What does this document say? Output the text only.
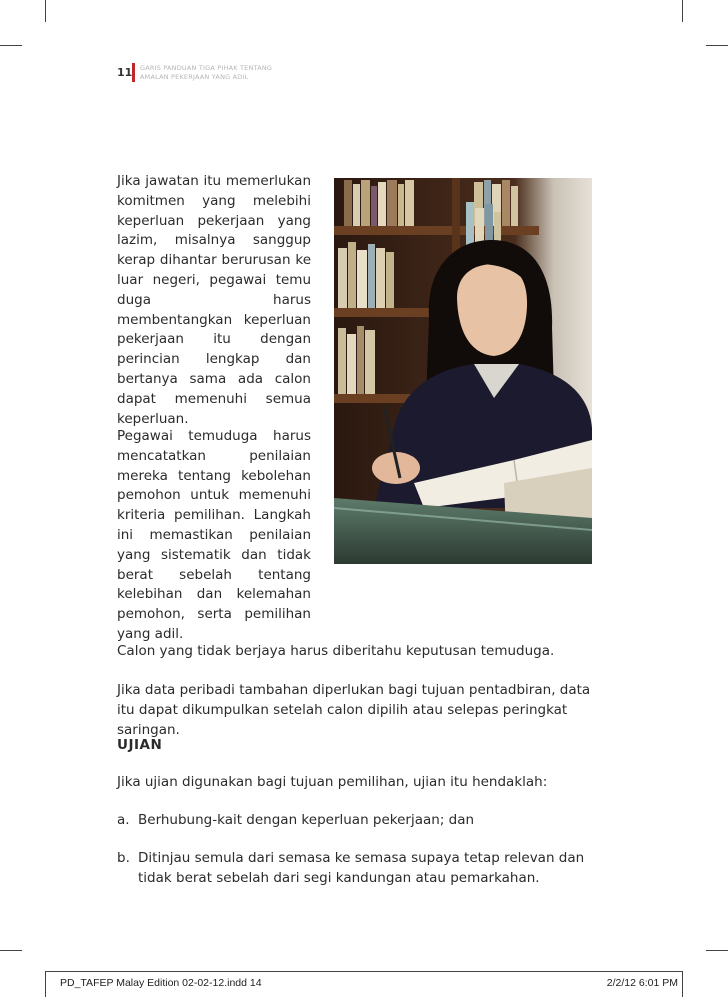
11 GARIS PANDUAN TIGA PIHAK TENTANG
AMALAN PEKERJAAN YANG ADIL

Jika jawatan itu memerlukan komitmen yang melebihi keperluan pekerjaan yang lazim, misalnya sanggup kerap dihantar berurusan ke luar negeri, pegawai temu duga harus membentangkan keperluan pekerjaan itu dengan perincian lengkap dan bertanya sama ada calon dapat memenuhi semua keperluan.

Pegawai temuduga harus mencatatkan penilaian mereka tentang kebolehan pemohon untuk memenuhi kriteria pemilihan. Langkah ini memastikan penilaian yang sistematik dan tidak berat sebelah tentang kelebihan dan kelemahan pemohon, serta pemilihan yang adil.

Calon yang tidak berjaya harus diberitahu keputusan temuduga.

Jika data peribadi tambahan diperlukan bagi tujuan pentadbiran, data itu dapat dikumpulkan setelah calon dipilih atau selepas peringkat saringan.

UJIAN

Jika ujian digunakan bagi tujuan pemilihan, ujian itu hendaklah:

a. Berhubung-kait dengan keperluan pekerjaan; dan
b. Ditinjau semula dari semasa ke semasa supaya tetap relevan dan tidak berat sebelah dari segi kandungan atau pemarkahan.
PD_TAFEP Malay Edition 02-02-12.indd 14	2/2/12 6:01 PM
